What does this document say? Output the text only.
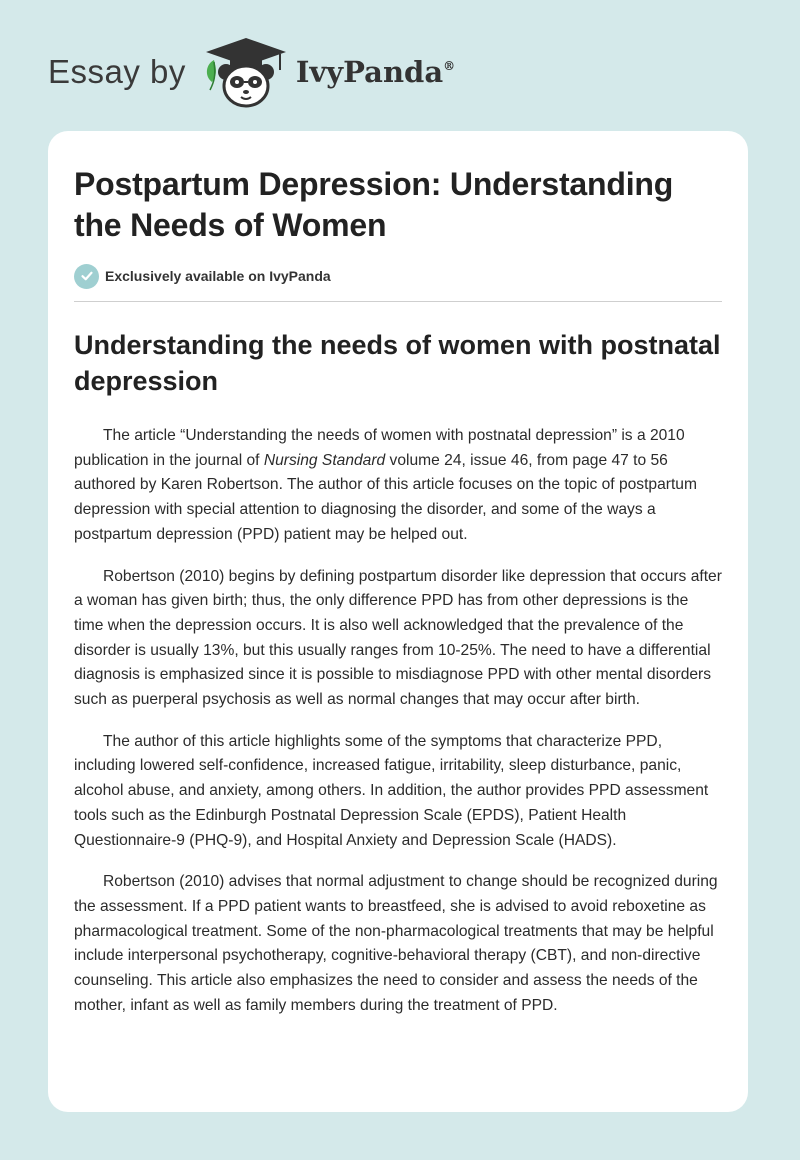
Essay by	IvyPanda®
Postpartum Depression: Understanding the Needs of Women
Exclusively available on IvyPanda
Understanding the needs of women with postnatal depression

The article “Understanding the needs of women with postnatal depression” is a 2010 publication in the journal of Nursing Standard volume 24, issue 46, from page 47 to 56 authored by Karen Robertson. The author of this article focuses on the topic of postpartum depression with special attention to diagnosing the disorder, and some of the ways a postpartum depression (PPD) patient may be helped out.

Robertson (2010) begins by defining postpartum disorder like depression that occurs after a woman has given birth; thus, the only difference PPD has from other depressions is the time when the depression occurs. It is also well acknowledged that the prevalence of the disorder is usually 13%, but this usually ranges from 10-25%. The need to have a differential diagnosis is emphasized since it is possible to misdiagnose PPD with other mental disorders such as puerperal psychosis as well as normal changes that may occur after birth.

The author of this article highlights some of the symptoms that characterize PPD, including lowered self-confidence, increased fatigue, irritability, sleep disturbance, panic, alcohol abuse, and anxiety, among others. In addition, the author provides PPD assessment tools such as the Edinburgh Postnatal Depression Scale (EPDS), Patient Health Questionnaire-9 (PHQ-9), and Hospital Anxiety and Depression Scale (HADS).

Robertson (2010) advises that normal adjustment to change should be recognized during the assessment. If a PPD patient wants to breastfeed, she is advised to avoid reboxetine as pharmacological treatment. Some of the non-pharmacological treatments that may be helpful include interpersonal psychotherapy, cognitive-behavioral therapy (CBT), and non-directive counseling. This article also emphasizes the need to consider and assess the needs of the mother, infant as well as family members during the treatment of PPD.
